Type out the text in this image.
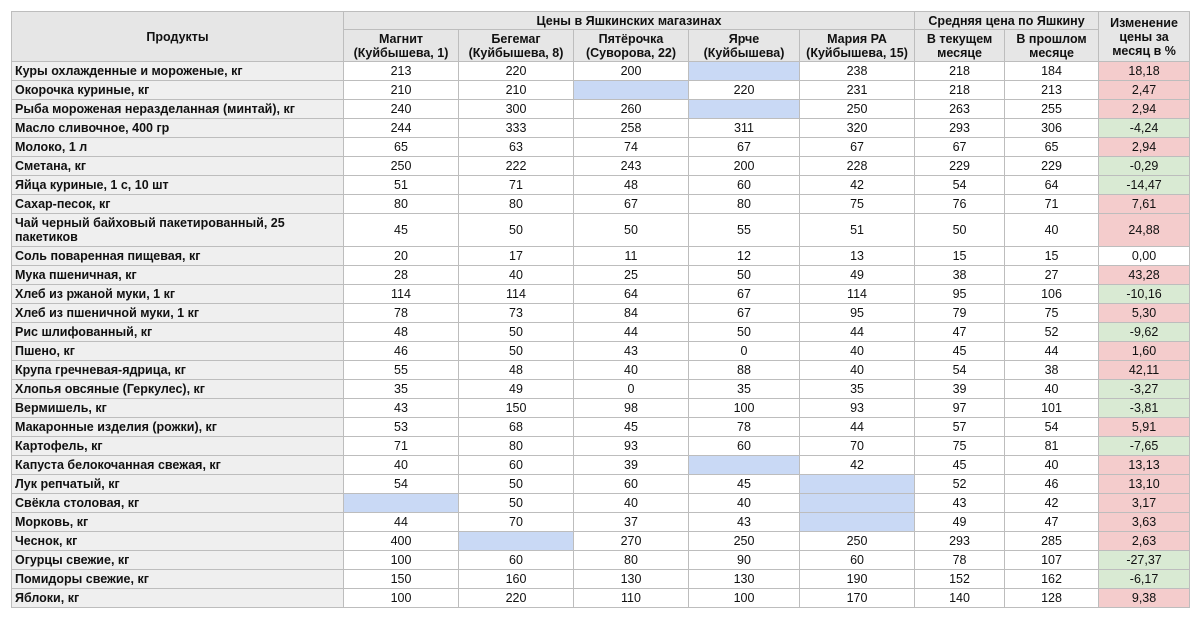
Продукты	Цены в Яшкинских магазинах					Средняя цена по Яшкину		Изменение цены за месяц в %
	Магнит (Куйбышева, 1)	Бегемаг (Куйбышева, 8)	Пятёрочка (Суворова, 22)	Ярче (Куйбышева)	Мария РА (Куйбышева, 15)	В текущем месяце	В прошлом месяце	
Куры охлажденные и мороженые, кг	213	220	200		238	218	184	18,18
Окорочка куриные, кг	210	210		220	231	218	213	2,47
Рыба мороженая неразделанная (минтай), кг	240	300	260		250	263	255	2,94
Масло сливочное, 400 гр	244	333	258	311	320	293	306	-4,24
Молоко, 1 л	65	63	74	67	67	67	65	2,94
Сметана, кг	250	222	243	200	228	229	229	-0,29
Яйца куриные, 1 с, 10 шт	51	71	48	60	42	54	64	-14,47
Сахар-песок, кг	80	80	67	80	75	76	71	7,61
Чай черный байховый пакетированный, 25 пакетиков	45	50	50	55	51	50	40	24,88
Соль поваренная пищевая, кг	20	17	11	12	13	15	15	0,00
Мука пшеничная, кг	28	40	25	50	49	38	27	43,28
Хлеб из ржаной муки, 1 кг	114	114	64	67	114	95	106	-10,16
Хлеб из пшеничной муки, 1 кг	78	73	84	67	95	79	75	5,30
Рис шлифованный, кг	48	50	44	50	44	47	52	-9,62
Пшено, кг	46	50	43	0	40	45	44	1,60
Крупа гречневая-ядрица, кг	55	48	40	88	40	54	38	42,11
Хлопья овсяные (Геркулес), кг	35	49	0	35	35	39	40	-3,27
Вермишель, кг	43	150	98	100	93	97	101	-3,81
Макаронные изделия (рожки), кг	53	68	45	78	44	57	54	5,91
Картофель, кг	71	80	93	60	70	75	81	-7,65
Капуста белокочанная свежая, кг	40	60	39		42	45	40	13,13
Лук репчатый, кг	54	50	60	45		52	46	13,10
Свёкла столовая, кг		50	40	40		43	42	3,17
Морковь, кг	44	70	37	43		49	47	3,63
Чеснок, кг	400		270	250	250	293	285	2,63
Огурцы свежие, кг	100	60	80	90	60	78	107	-27,37
Помидоры свежие, кг	150	160	130	130	190	152	162	-6,17
Яблоки, кг	100	220	110	100	170	140	128	9,38
